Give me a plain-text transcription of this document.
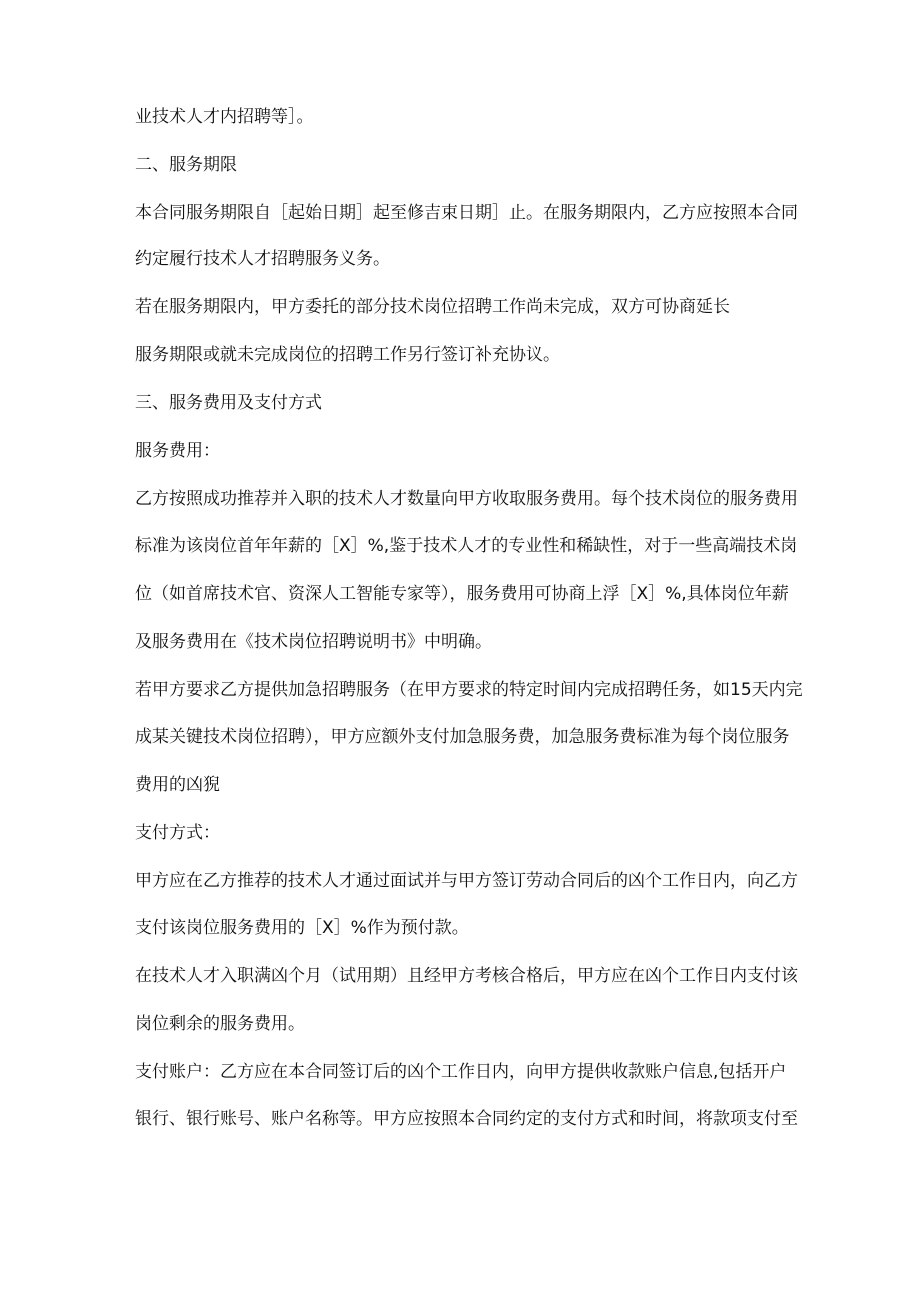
业技术人才内招聘等］。

二、服务期限

本合同服务期限自［起始日期］起至修吉束日期］止。在服务期限内，乙方应按照本合同

约定履行技术人才招聘服务义务。

若在服务期限内，甲方委托的部分技术岗位招聘工作尚未完成，双方可协商延长

服务期限或就未完成岗位的招聘工作另行签订补充协议。

三、服务费用及支付方式

服务费用：

乙方按照成功推荐并入职的技术人才数量向甲方收取服务费用。每个技术岗位的服务费用

标准为该岗位首年年薪的［X］%,鉴于技术人才的专业性和稀缺性，对于一些高端技术岗

位（如首席技术官、资深人工智能专家等），服务费用可协商上浮［X］%,具体岗位年薪

及服务费用在《技术岗位招聘说明书》中明确。

若甲方要求乙方提供加急招聘服务（在甲方要求的特定时间内完成招聘任务，如15天内完

成某关键技术岗位招聘），甲方应额外支付加急服务费，加急服务费标准为每个岗位服务

费用的凶猊

支付方式：

甲方应在乙方推荐的技术人才通过面试并与甲方签订劳动合同后的凶个工作日内，向乙方

支付该岗位服务费用的［X］%作为预付款。

在技术人才入职满凶个月（试用期）且经甲方考核合格后，甲方应在凶个工作日内支付该

岗位剩余的服务费用。

支付账户：乙方应在本合同签订后的凶个工作日内，向甲方提供收款账户信息,包括开户

银行、银行账号、账户名称等。甲方应按照本合同约定的支付方式和时间，将款项支付至
